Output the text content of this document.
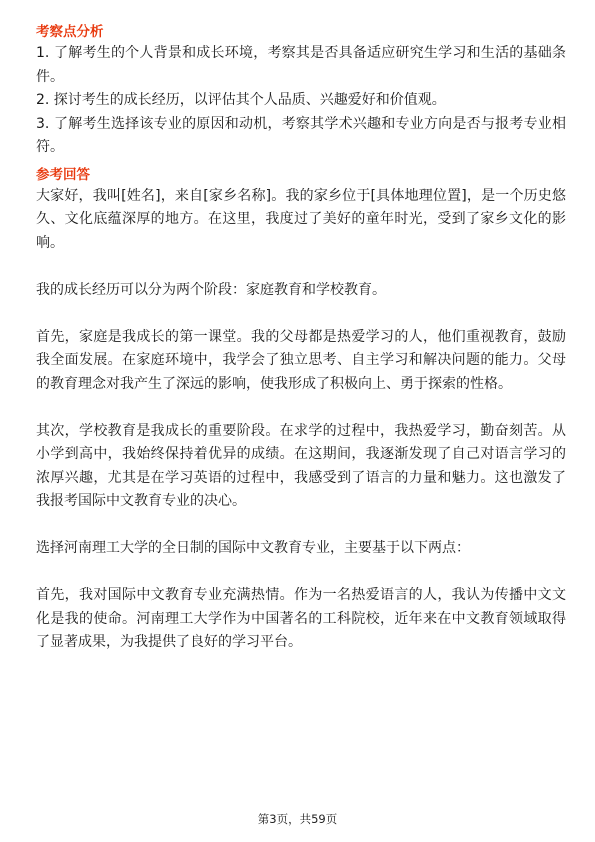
考察点分析

1. 了解考生的个人背景和成长环境，考察其是否具备适应研究生学习和生活的基础条件。

2. 探讨考生的成长经历，以评估其个人品质、兴趣爱好和价值观。

3. 了解考生选择该专业的原因和动机，考察其学术兴趣和专业方向是否与报考专业相符。

参考回答

大家好，我叫[姓名]，来自[家乡名称]。我的家乡位于[具体地理位置]，是一个历史悠久、文化底蕴深厚的地方。在这里，我度过了美好的童年时光，受到了家乡文化的影响。

我的成长经历可以分为两个阶段：家庭教育和学校教育。

首先，家庭是我成长的第一课堂。我的父母都是热爱学习的人，他们重视教育，鼓励我全面发展。在家庭环境中，我学会了独立思考、自主学习和解决问题的能力。父母的教育理念对我产生了深远的影响，使我形成了积极向上、勇于探索的性格。

其次，学校教育是我成长的重要阶段。在求学的过程中，我热爱学习，勤奋刻苦。从小学到高中，我始终保持着优异的成绩。在这期间，我逐渐发现了自己对语言学习的浓厚兴趣，尤其是在学习英语的过程中，我感受到了语言的力量和魅力。这也激发了我报考国际中文教育专业的决心。

选择河南理工大学的全日制的国际中文教育专业，主要基于以下两点：

首先，我对国际中文教育专业充满热情。作为一名热爱语言的人，我认为传播中文文化是我的使命。河南理工大学作为中国著名的工科院校，近年来在中文教育领域取得了显著成果，为我提供了良好的学习平台。

第3页，共59页
